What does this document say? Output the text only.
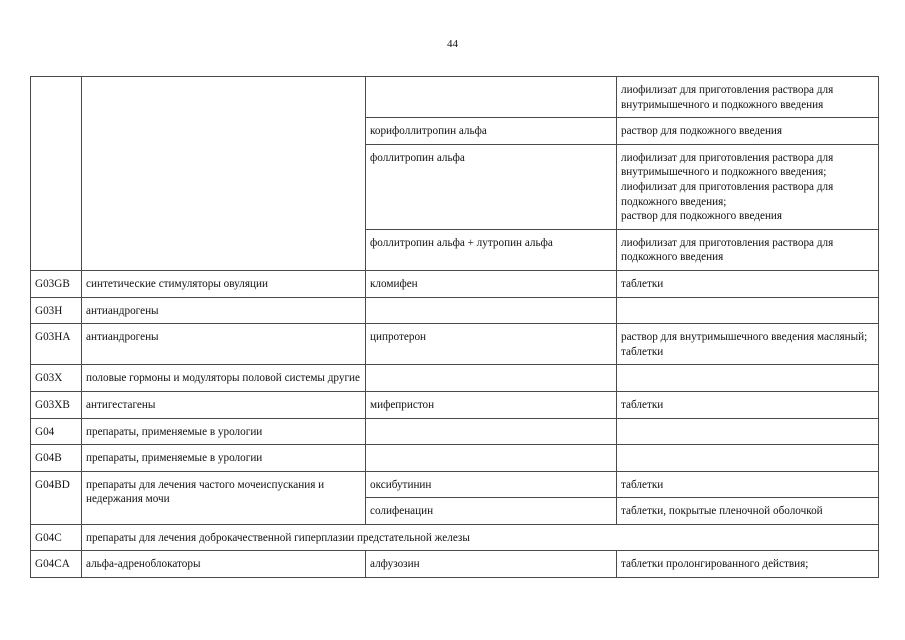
44
			лиофилизат для приготовления раствора для внутримышечного и подкожного введения
		корифоллитропин альфа	раствор для подкожного введения
		фоллитропин альфа	лиофилизат для приготовления раствора для внутримышечного и подкожного введения;
лиофилизат для приготовления раствора для подкожного введения;
раствор для подкожного введения
		фоллитропин альфа + лутропин альфа	лиофилизат для приготовления раствора для подкожного введения
G03GB	синтетические стимуляторы овуляции	кломифен	таблетки
G03H	антиандрогены		
G03HA	антиандрогены	ципротерон	раствор для внутримышечного введения масляный;
таблетки
G03X	половые гормоны и модуляторы половой системы другие		
G03XB	антигестагены	мифепристон	таблетки
G04	препараты, применяемые в урологии		
G04B	препараты, применяемые в урологии		
G04BD	препараты для лечения частого мочеиспускания и недержания мочи	оксибутинин	таблетки
		солифенацин	таблетки, покрытые пленочной оболочкой
G04C	препараты для лечения доброкачественной гиперплазии предстательной железы		
G04CA	альфа-адреноблокаторы	алфузозин	таблетки пролонгированного действия;
